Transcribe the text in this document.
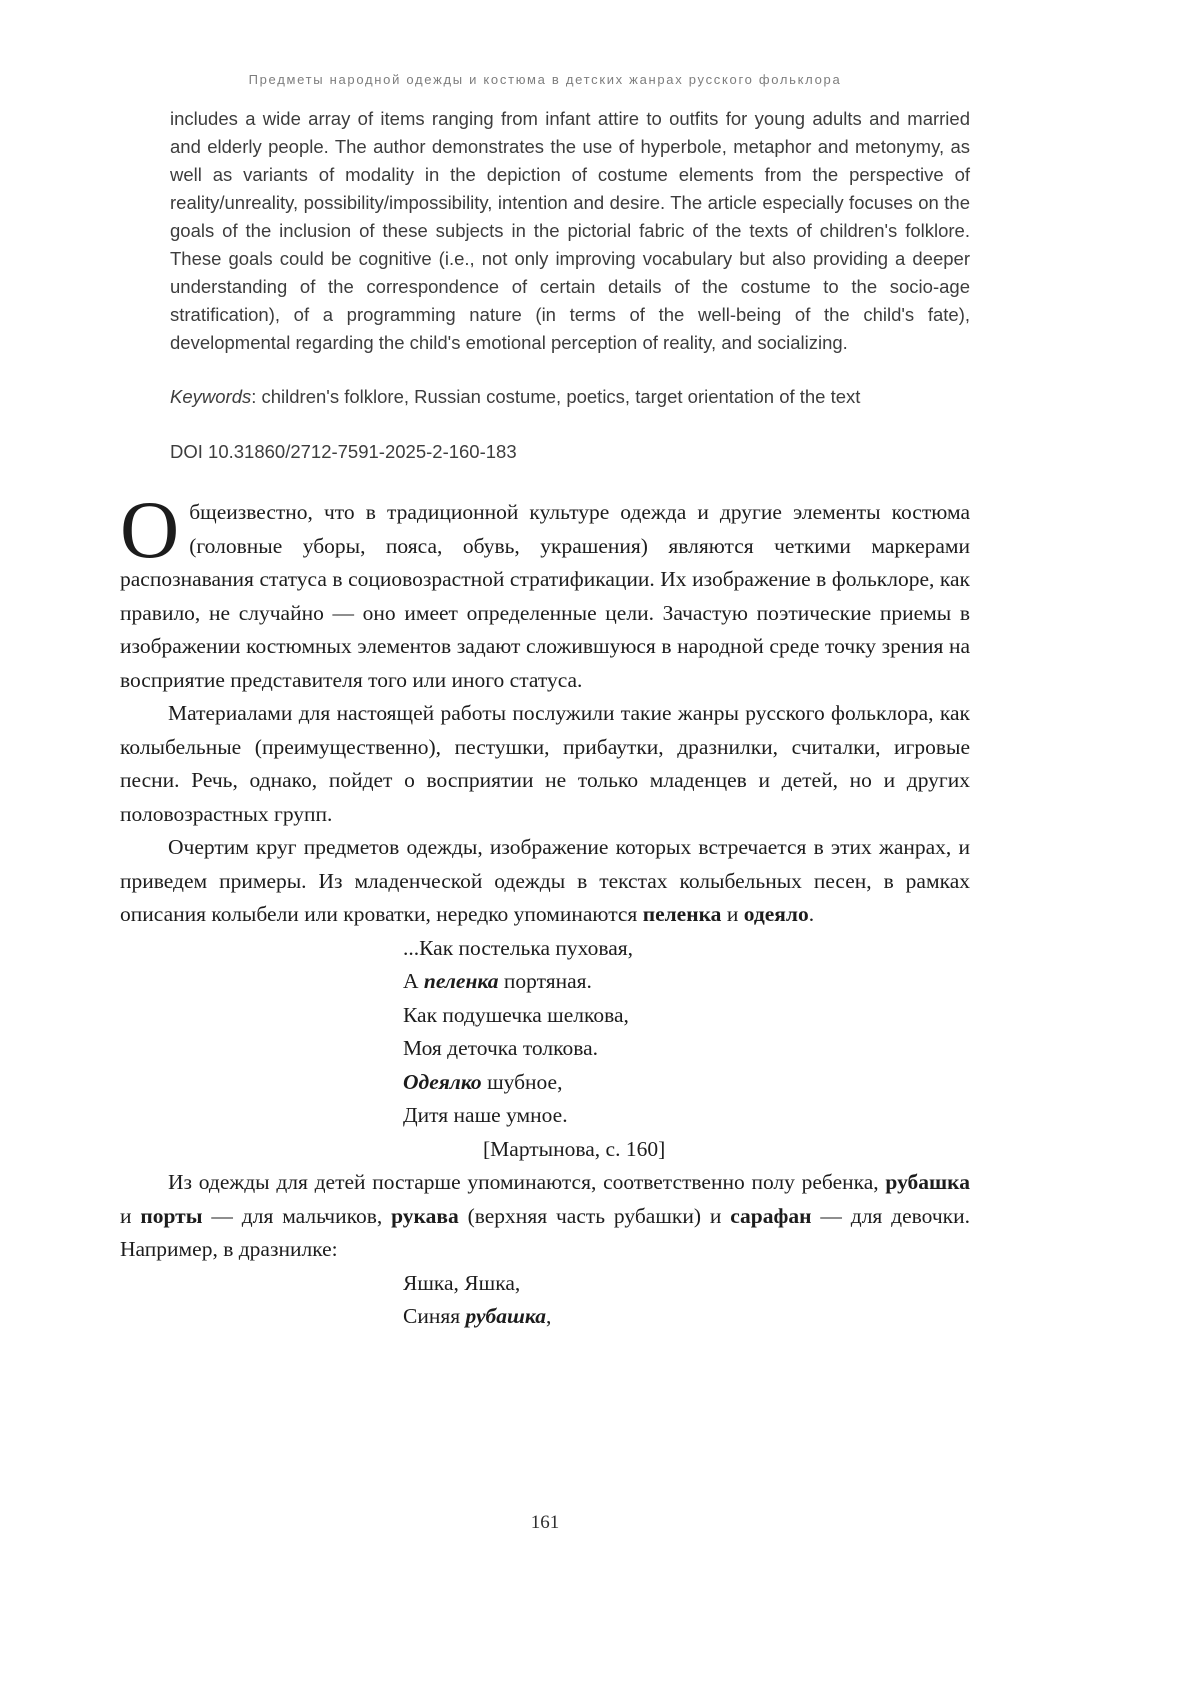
Предметы народной одежды и костюма в детских жанрах русского фольклора

includes a wide array of items ranging from infant attire to outfits for young adults and married and elderly people. The author demonstrates the use of hyperbole, metaphor and metonymy, as well as variants of modality in the depiction of costume elements from the perspective of reality/unreality, possibility/impossibility, intention and desire. The article especially focuses on the goals of the inclusion of these subjects in the pictorial fabric of the texts of children's folklore. These goals could be cognitive (i.e., not only improving vocabulary but also providing a deeper understanding of the correspondence of certain details of the costume to the socio-age stratification), of a programming nature (in terms of the well-being of the child's fate), developmental regarding the child's emotional perception of reality, and socializing.

Keywords: children's folklore, Russian costume, poetics, target orientation of the text

DOI 10.31860/2712-7591-2025-2-160-183

Общеизвестно, что в традиционной культуре одежда и другие элементы костюма (головные уборы, пояса, обувь, украшения) являются четкими маркерами распознавания статуса в социовозрастной стратификации. Их изображение в фольклоре, как правило, не случайно — оно имеет определенные цели. Зачастую поэтические приемы в изображении костюмных элементов задают сложившуюся в народной среде точку зрения на восприятие представителя того или иного статуса.

Материалами для настоящей работы послужили такие жанры русского фольклора, как колыбельные (преимущественно), пестушки, прибаутки, дразнилки, считалки, игровые песни. Речь, однако, пойдет о восприятии не только младенцев и детей, но и других половозрастных групп.

Очертим круг предметов одежды, изображение которых встречается в этих жанрах, и приведем примеры. Из младенческой одежды в текстах колыбельных песен, в рамках описания колыбели или кроватки, нередко упоминаются пеленка и одеяло.

...Как постелька пуховая,
А пеленка портяная.
Как подушечка шелкова,
Моя деточка толкова.
Одеялко шубное,
Дитя наше умное.
[Мартынова, с. 160]

Из одежды для детей постарше упоминаются, соответственно полу ребенка, рубашка и порты — для мальчиков, рукава (верхняя часть рубашки) и сарафан — для девочки. Например, в дразнилке:

Яшка, Яшка,
Синяя рубашка,
161
